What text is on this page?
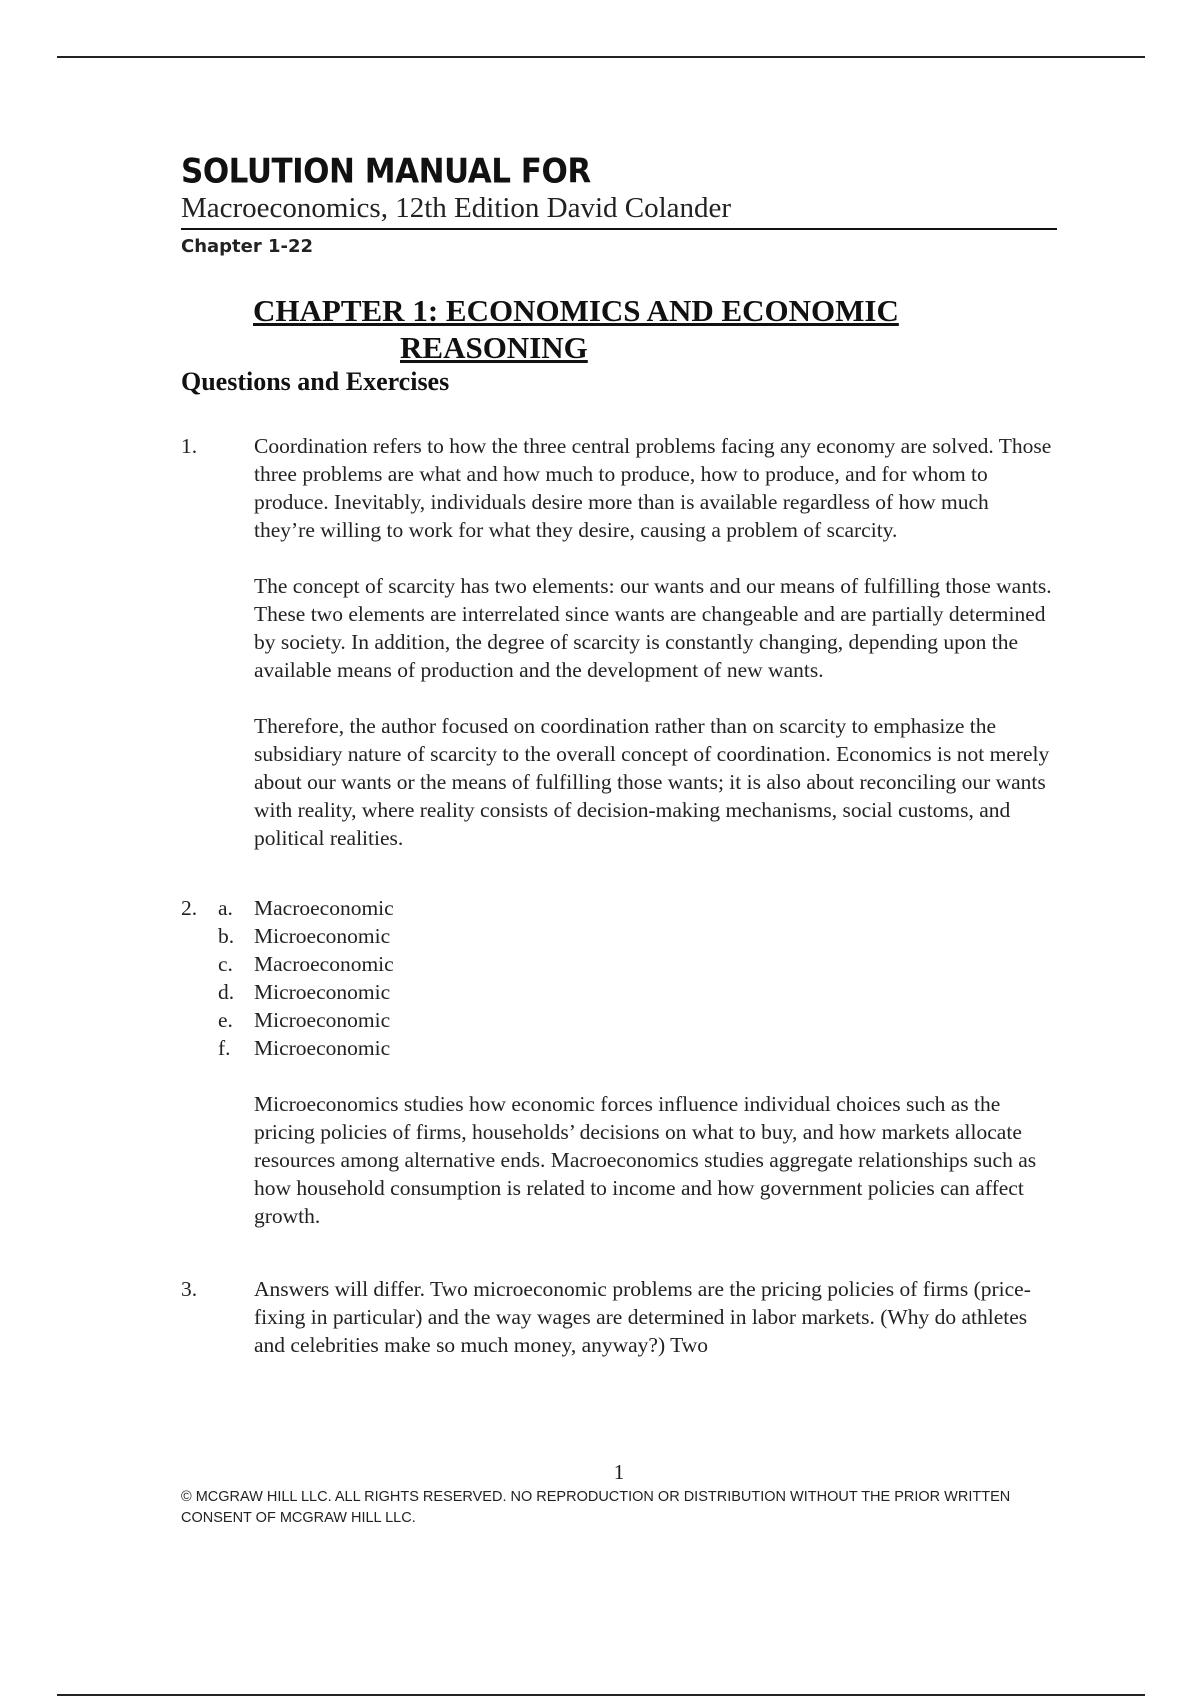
SOLUTION MANUAL FOR
Macroeconomics, 12th Edition David Colander
Chapter 1-22
CHAPTER 1: ECONOMICS AND ECONOMIC
REASONING
Questions and Exercises
1.	Coordination refers to how the three central problems facing any economy are solved. Those three problems are what and how much to produce, how to produce, and for whom to produce. Inevitably, individuals desire more than is available regardless of how much they’re willing to work for what they desire, causing a problem of scarcity.

The concept of scarcity has two elements: our wants and our means of fulfilling those wants. These two elements are interrelated since wants are changeable and are partially determined by society. In addition, the degree of scarcity is constantly changing, depending upon the available means of production and the development of new wants.

Therefore, the author focused on coordination rather than on scarcity to emphasize the subsidiary nature of scarcity to the overall concept of coordination. Economics is not merely about our wants or the means of fulfilling those wants; it is also about reconciling our wants with reality, where reality consists of decision-making mechanisms, social customs, and political realities.

2. a. Macroeconomic
b. Microeconomic
c. Macroeconomic
d. Microeconomic
e. Microeconomic
f. Microeconomic

Microeconomics studies how economic forces influence individual choices such as the pricing policies of firms, households’ decisions on what to buy, and how markets allocate resources among alternative ends. Macroeconomics studies aggregate relationships such as how household consumption is related to income and how government policies can affect growth.

3.	Answers will differ. Two microeconomic problems are the pricing policies of firms (price-fixing in particular) and the way wages are determined in labor markets. (Why do athletes and celebrities make so much money, anyway?) Two

1
© MCGRAW HILL LLC. ALL RIGHTS RESERVED. NO REPRODUCTION OR DISTRIBUTION WITHOUT THE PRIOR WRITTEN CONSENT OF MCGRAW HILL LLC.
